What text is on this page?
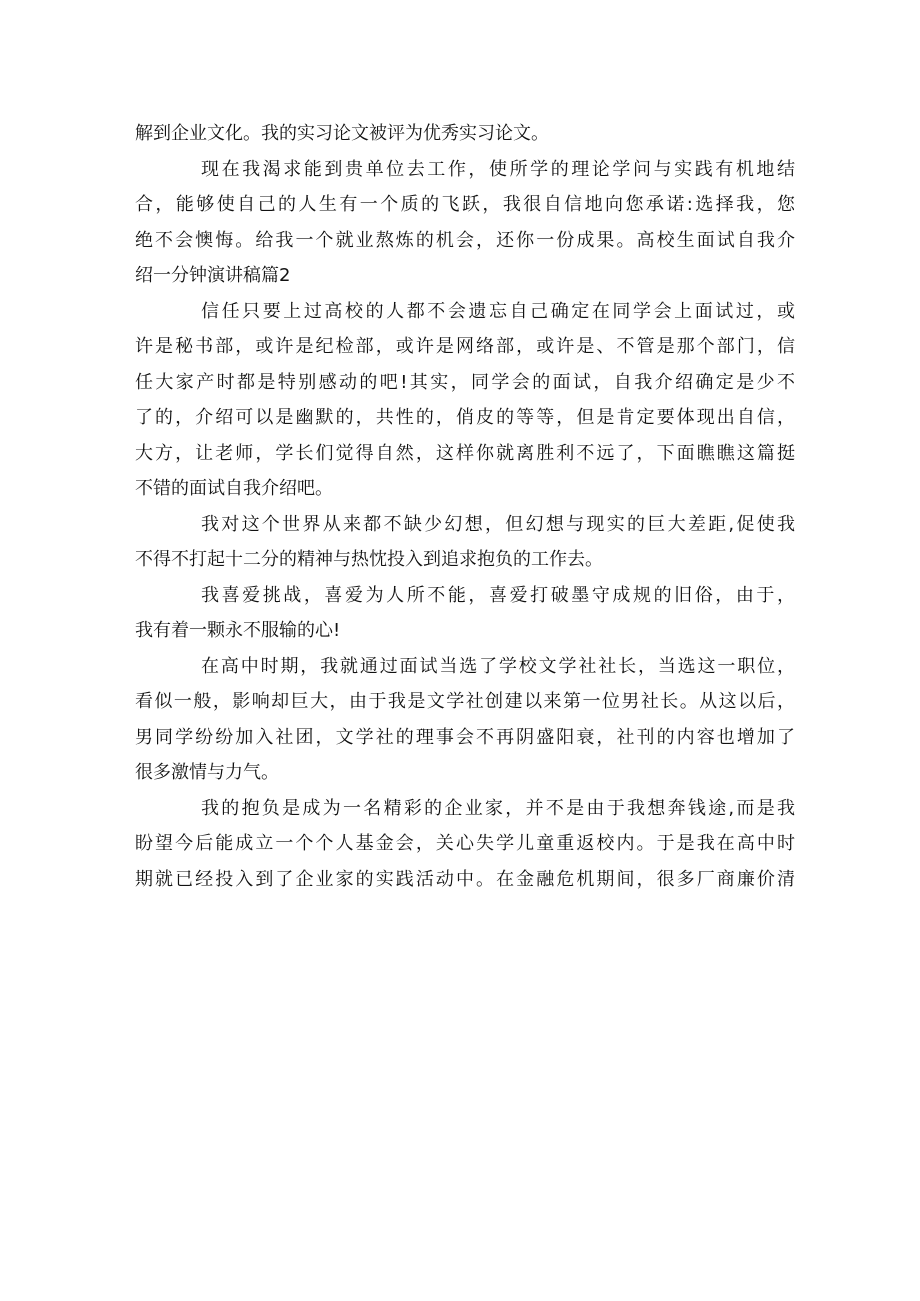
解到企业文化。我的实习论文被评为优秀实习论文。
现在我渴求能到贵单位去工作，使所学的理论学问与实践有机地结
合，能够使自己的人生有一个质的飞跃，我很自信地向您承诺:选择我，您
绝不会懊悔。给我一个就业熬炼的机会，还你一份成果。高校生面试自我介
绍一分钟演讲稿篇2
信任只要上过高校的人都不会遗忘自己确定在同学会上面试过，或
许是秘书部，或许是纪检部，或许是网络部，或许是、不管是那个部门，信
任大家产时都是特别感动的吧!其实，同学会的面试，自我介绍确定是少不
了的，介绍可以是幽默的，共性的，俏皮的等等，但是肯定要体现出自信，
大方，让老师，学长们觉得自然，这样你就离胜利不远了，下面瞧瞧这篇挺
不错的面试自我介绍吧。
我对这个世界从来都不缺少幻想，但幻想与现实的巨大差距,促使我
不得不打起十二分的精神与热忱投入到追求抱负的工作去。
我喜爱挑战，喜爱为人所不能，喜爱打破墨守成规的旧俗，由于，
我有着一颗永不服输的心!
在高中时期，我就通过面试当选了学校文学社社长，当选这一职位，
看似一般，影响却巨大，由于我是文学社创建以来第一位男社长。从这以后，
男同学纷纷加入社团，文学社的理事会不再阴盛阳衰，社刊的内容也增加了
很多激情与力气。
我的抱负是成为一名精彩的企业家，并不是由于我想奔钱途,而是我
盼望今后能成立一个个人基金会，关心失学儿童重返校内。于是我在高中时
期就已经投入到了企业家的实践活动中。在金融危机期间，很多厂商廉价清
